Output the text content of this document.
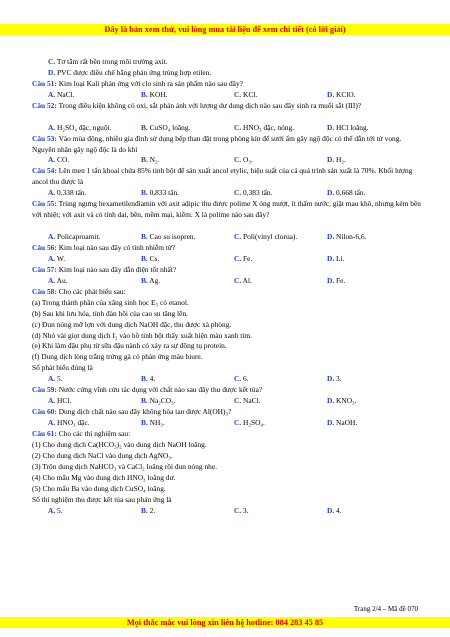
Đây là bản xem thử, vui lòng mua tài liệu để xem chi tiết (có lời giải)
C. Tơ tằm rất bền trong môi trường axit.
D. PVC được điều chế bằng phản ứng trùng hợp etilen.
Câu 51: Kim loại Kali phản ứng với clo sinh ra sản phẩm nào sau đây?
A. NaCl.	B. KOH.	C. KCl.	D. KClO.
Câu 52: Trong điều kiện không có oxi, sắt phản ánh với lượng dư dung dịch nào sau đây sinh ra muối sắt (III)?
A. H₂SO₄ đặc, nguội.	B. CuSO₄ loãng.	C. HNO₃ đặc, nóng.	D. HCl loãng.
Câu 53: Vào mùa đông, nhiều gia đình sử dụng bếp than đặt trong phòng kín để sưởi ấm gây ngộ độc có thể dẫn tới tử vong. Nguyên nhân gây ngộ độc là do khí
A. CO.	B. N₂.	C. O₃.	D. H₂.
Câu 54: Lên men 1 tấn khoai chứa 85% tinh bột để sản xuất ancol etylic, hiệu suất của cả quá trình sản xuất là 70%. Khối lượng ancol thu được là
A. 0,338 tấn.	B. 0,833 tấn.	C. 0,383 tấn.	D. 0,668 tấn.
Câu 55: Trùng ngưng hexametilenđiamin với axit adipic thu được polime X óng mượt, ít thấm nước, giặt mau khô, nhưng kém bền với nhiệt; với axit và có tính dai, bền, mềm mại, kiềm. X là polime nào sau đây?
A. Policaproamit.	B. Cao su isopren.	C. Poli(vinyl clorua).	D. Nilon-6,6.
Câu 56: Kim loại nào sau đây có tính nhiễm từ?
A. W.	B. Cs.	C. Fe.	D. Li.
Câu 57: Kim loại nào sau đây dẫn điện tốt nhất?
A. Au.	B. Ag.	C. Al.	D. Fe.
Câu 58: Cho các phát biểu sau:
(a) Trong thành phần của xăng sinh học E₅ có etanol.
(b) Sau khi lưu hóa, tính đàn hồi của cao su tăng lên.
(c) Đun nóng mỡ lợn với dung dịch NaOH đặc, thu được xà phòng.
(d) Nhỏ vài giọt dung dịch I₂ vào hồ tinh bột thấy xuất hiện màu xanh tím.
(e) Khi làm đậu phụ từ sữa đậu nành có xảy ra sự đông tụ protein.
(f) Dung dịch lòng trắng trứng gà có phản ứng màu biure.
Số phát biểu đúng là
A. 5.	B. 4.	C. 6.	D. 3.
Câu 59: Nước cứng vĩnh cửu tác dụng với chất nào sau đây thu được kết tủa?
A. HCl.	B. Na₂CO₃.	C. NaCl.	D. KNO₃.
Câu 60: Dung dịch chất nào sau đây không hòa tan được Al(OH)₃?
A. HNO₃ đặc.	B. NH₃.	C. H₂SO₄.	D. NaOH.
Câu 61: Cho các thí nghiệm sau:
(1) Cho dung dịch Ca(HCO₃)₂ vào dung dịch NaOH loãng.
(2) Cho dung dịch NaCl vào dung dịch AgNO₃.
(3) Trộn dung dịch NaHCO₃ và CaCl₂ loãng rồi đun nóng nhẹ.
(4) Cho mẩu Mg vào dung dịch HNO₃ loãng dư.
(5) Cho mẩu Ba vào dung dịch CuSO₄ loãng.
Số thí nghiệm thu được kết tủa sau phản ứng là
A. 5.	B. 2.	C. 3.	D. 4.
Trang 2/4 – Mã đề 070
Mọi thắc mắc vui lòng xin liên hệ hotline: 084 283 45 85
